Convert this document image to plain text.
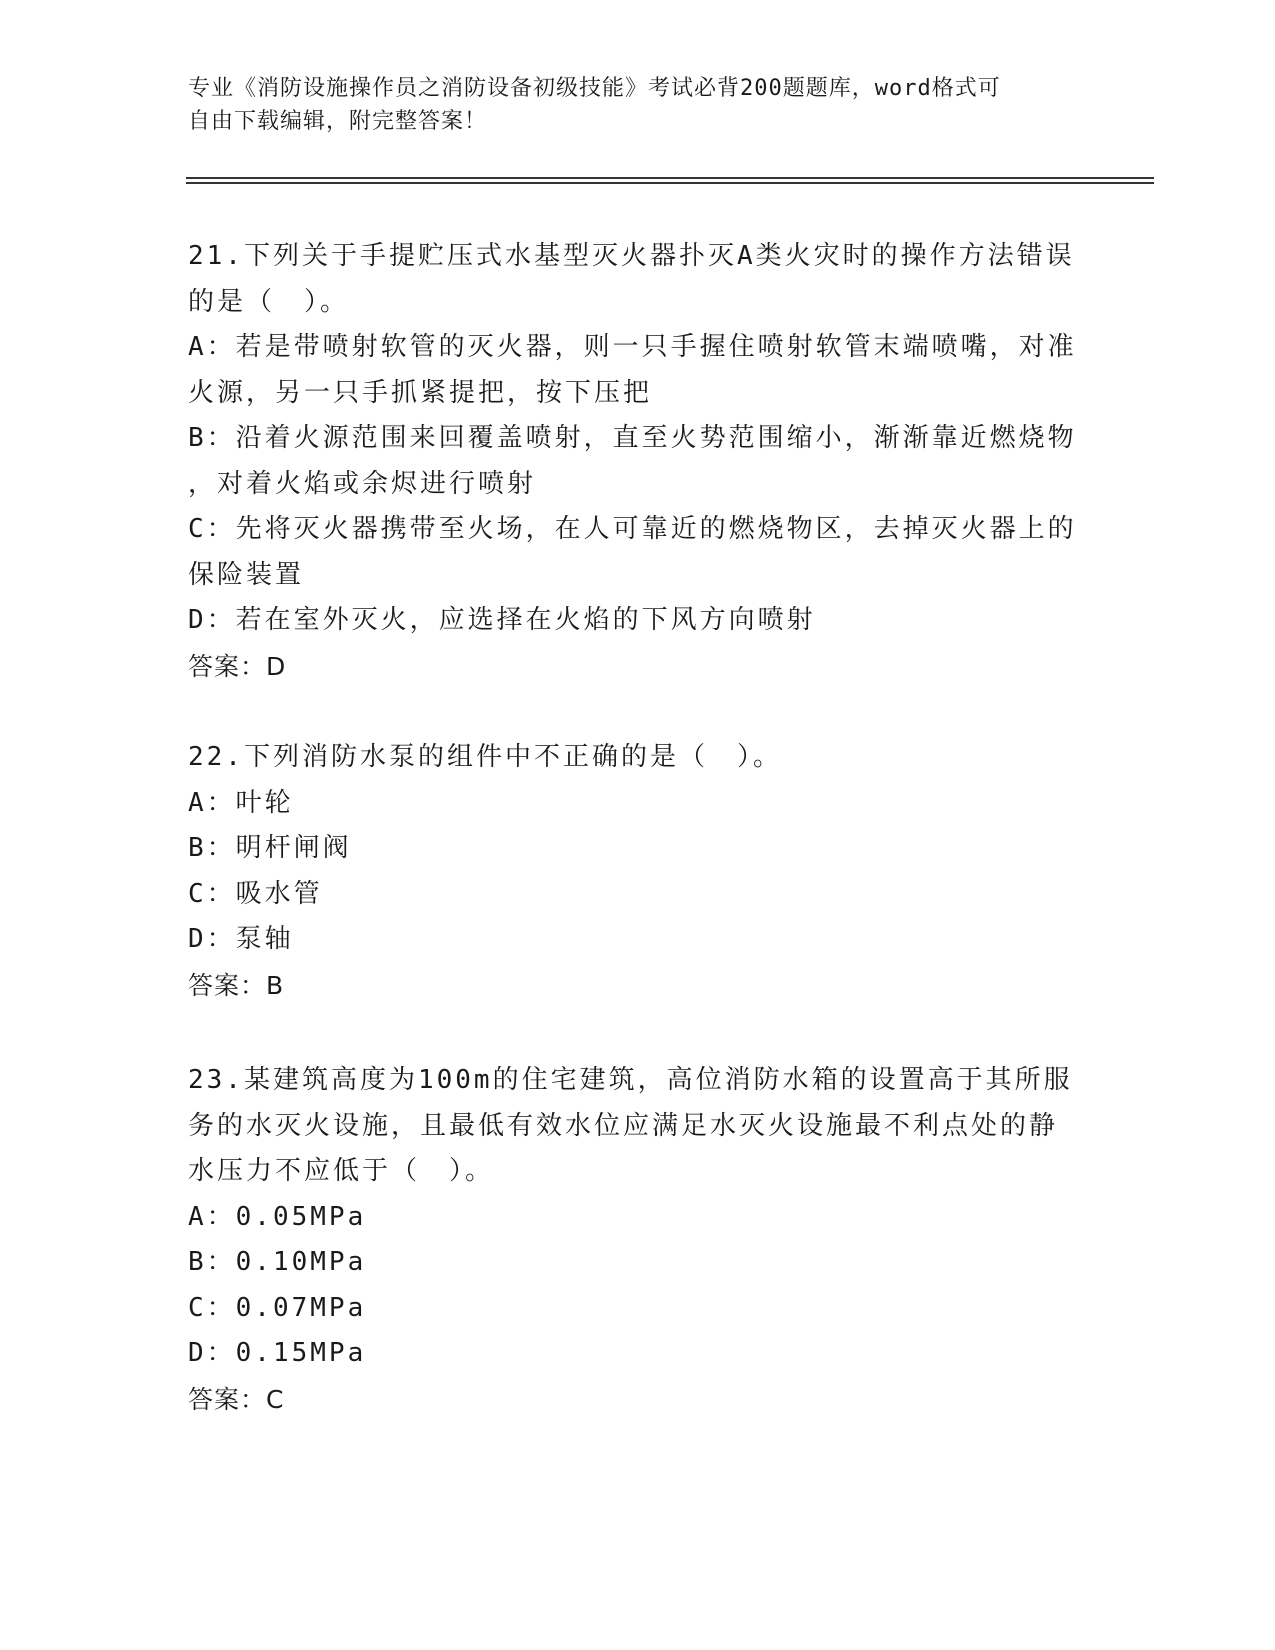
专业《消防设施操作员之消防设备初级技能》考试必背200题题库，word格式可
自由下载编辑，附完整答案！
21.下列关于手提贮压式水基型灭火器扑灭A类火灾时的操作方法错误
的是（　）。
A：若是带喷射软管的灭火器，则一只手握住喷射软管末端喷嘴，对准
火源，另一只手抓紧提把，按下压把
B：沿着火源范围来回覆盖喷射，直至火势范围缩小，渐渐靠近燃烧物
，对着火焰或余烬进行喷射
C：先将灭火器携带至火场，在人可靠近的燃烧物区，去掉灭火器上的
保险装置
D：若在室外灭火，应选择在火焰的下风方向喷射
答案：D
22.下列消防水泵的组件中不正确的是（　）。
A：叶轮
B：明杆闸阀
C：吸水管
D：泵轴
答案：B
23.某建筑高度为100m的住宅建筑，高位消防水箱的设置高于其所服
务的水灭火设施，且最低有效水位应满足水灭火设施最不利点处的静
水压力不应低于（　）。
A：0.05MPa
B：0.10MPa
C：0.07MPa
D：0.15MPa
答案：C
